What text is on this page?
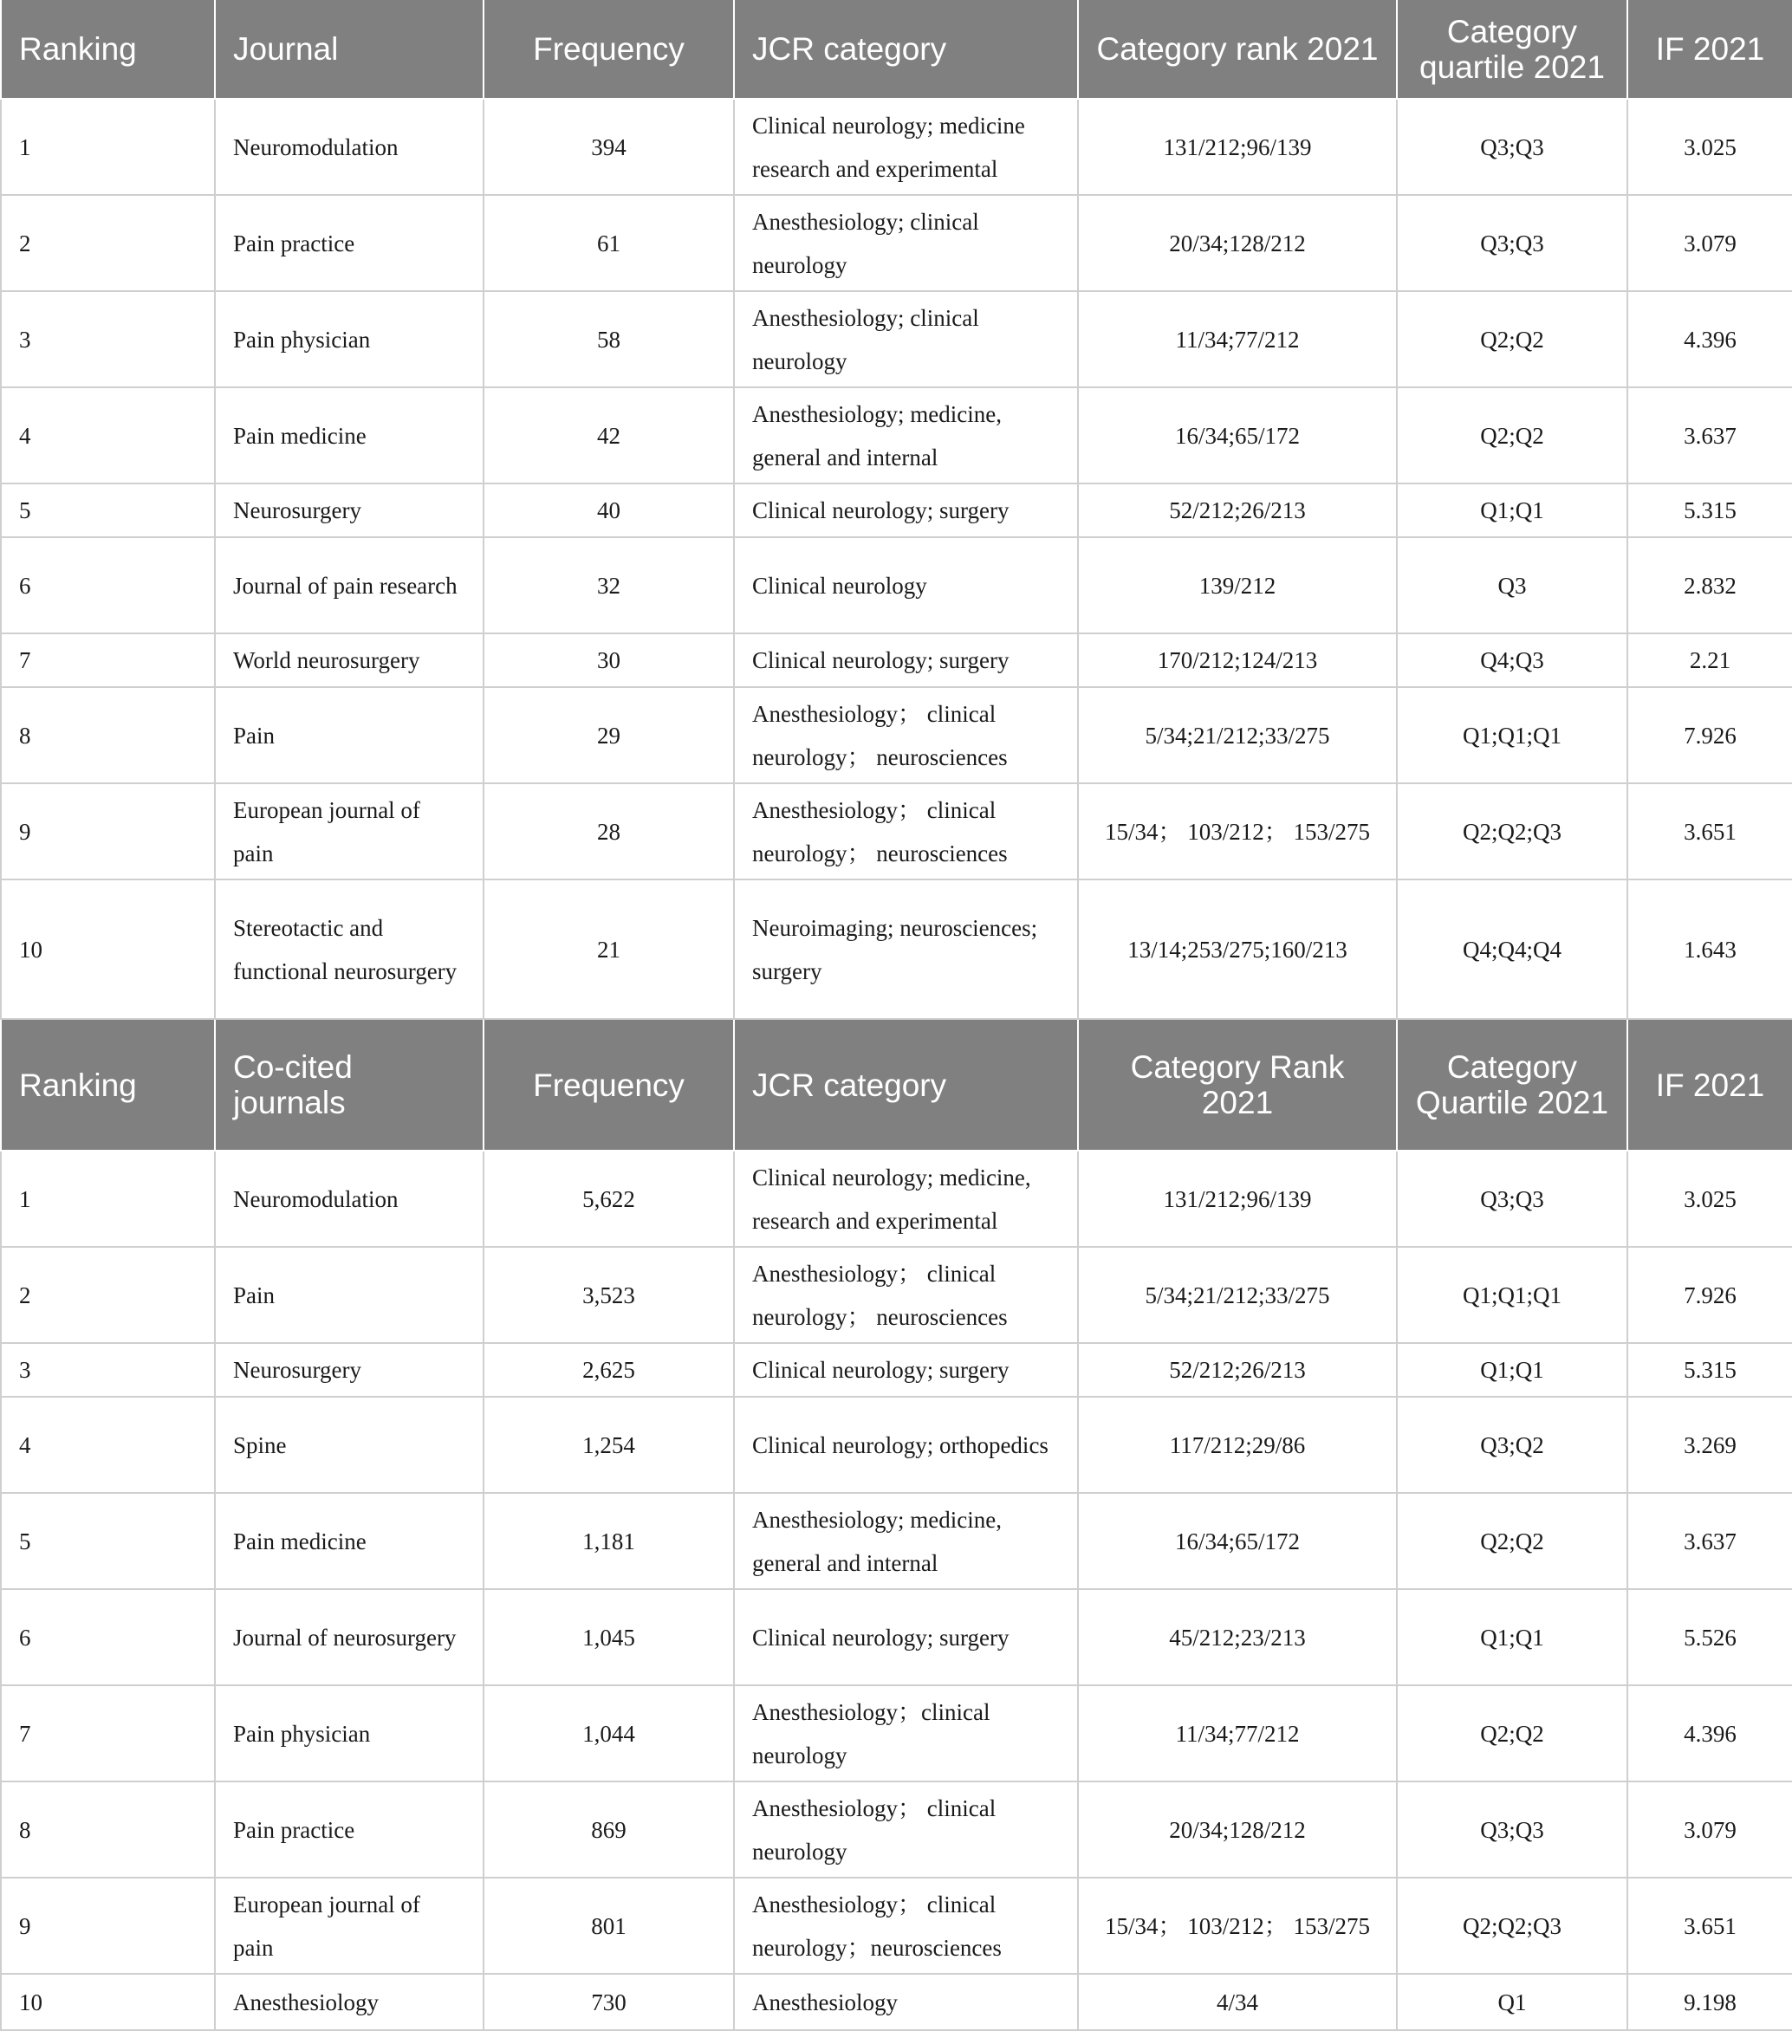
Ranking	Journal	Frequency	JCR category	Category rank 2021	Category quartile 2021	IF 2021
1	Neuromodulation	394	Clinical neurology; medicine research and experimental	131/212;96/139	Q3;Q3	3.025
2	Pain practice	61	Anesthesiology; clinical neurology	20/34;128/212	Q3;Q3	3.079
3	Pain physician	58	Anesthesiology; clinical neurology	11/34;77/212	Q2;Q2	4.396
4	Pain medicine	42	Anesthesiology; medicine, general and internal	16/34;65/172	Q2;Q2	3.637
5	Neurosurgery	40	Clinical neurology; surgery	52/212;26/213	Q1;Q1	5.315
6	Journal of pain research	32	Clinical neurology	139/212	Q3	2.832
7	World neurosurgery	30	Clinical neurology; surgery	170/212;124/213	Q4;Q3	2.21
8	Pain	29	Anesthesiology； clinical neurology； neurosciences	5/34;21/212;33/275	Q1;Q1;Q1	7.926
9	European journal of pain	28	Anesthesiology； clinical neurology； neurosciences	15/34； 103/212； 153/275	Q2;Q2;Q3	3.651
10	Stereotactic and functional neurosurgery	21	Neuroimaging; neurosciences; surgery	13/14;253/275;160/213	Q4;Q4;Q4	1.643
Ranking	Co-cited journals	Frequency	JCR category	Category Rank 2021	Category Quartile 2021	IF 2021
1	Neuromodulation	5,622	Clinical neurology; medicine, research and experimental	131/212;96/139	Q3;Q3	3.025
2	Pain	3,523	Anesthesiology； clinical neurology； neurosciences	5/34;21/212;33/275	Q1;Q1;Q1	7.926
3	Neurosurgery	2,625	Clinical neurology; surgery	52/212;26/213	Q1;Q1	5.315
4	Spine	1,254	Clinical neurology; orthopedics	117/212;29/86	Q3;Q2	3.269
5	Pain medicine	1,181	Anesthesiology; medicine, general and internal	16/34;65/172	Q2;Q2	3.637
6	Journal of neurosurgery	1,045	Clinical neurology; surgery	45/212;23/213	Q1;Q1	5.526
7	Pain physician	1,044	Anesthesiology；clinical neurology	11/34;77/212	Q2;Q2	4.396
8	Pain practice	869	Anesthesiology； clinical neurology	20/34;128/212	Q3;Q3	3.079
9	European journal of pain	801	Anesthesiology； clinical neurology；neurosciences	15/34； 103/212； 153/275	Q2;Q2;Q3	3.651
10	Anesthesiology	730	Anesthesiology	4/34	Q1	9.198
